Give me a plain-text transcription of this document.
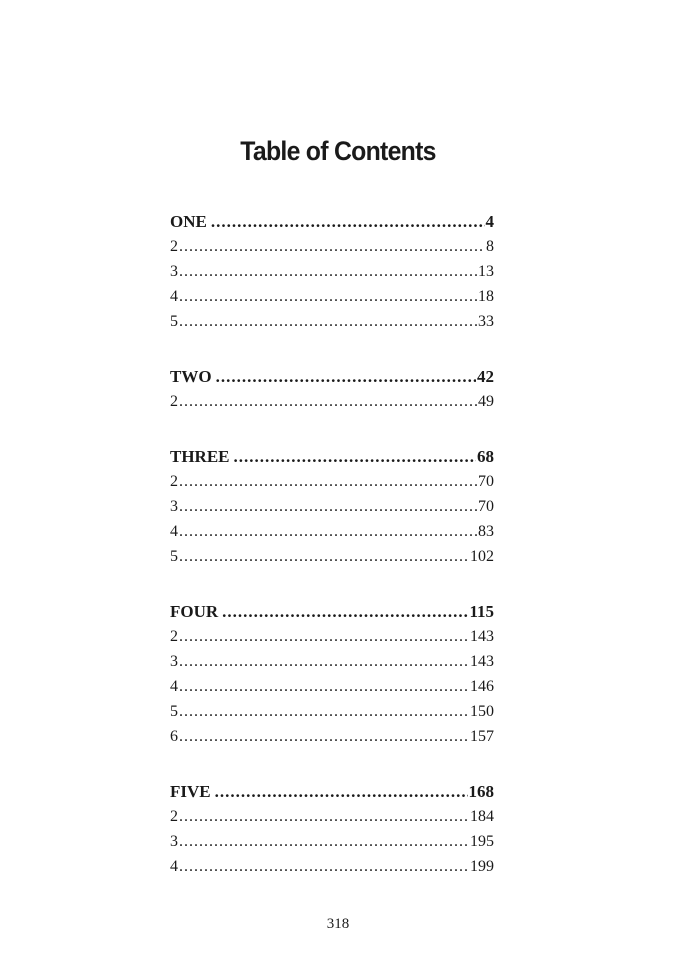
Table of Contents
ONE .....	4
2 .....	8
3 .....	13
4 .....	18
5 .....	33
TWO .....	42
2 .....	49
THREE .....	68
2 .....	70
3 .....	70
4 .....	83
5 .....	102
FOUR .....	115
2 .....	143
3 .....	143
4 .....	146
5 .....	150
6 .....	157
FIVE .....	168
2 .....	184
3 .....	195
4 .....	199
318
